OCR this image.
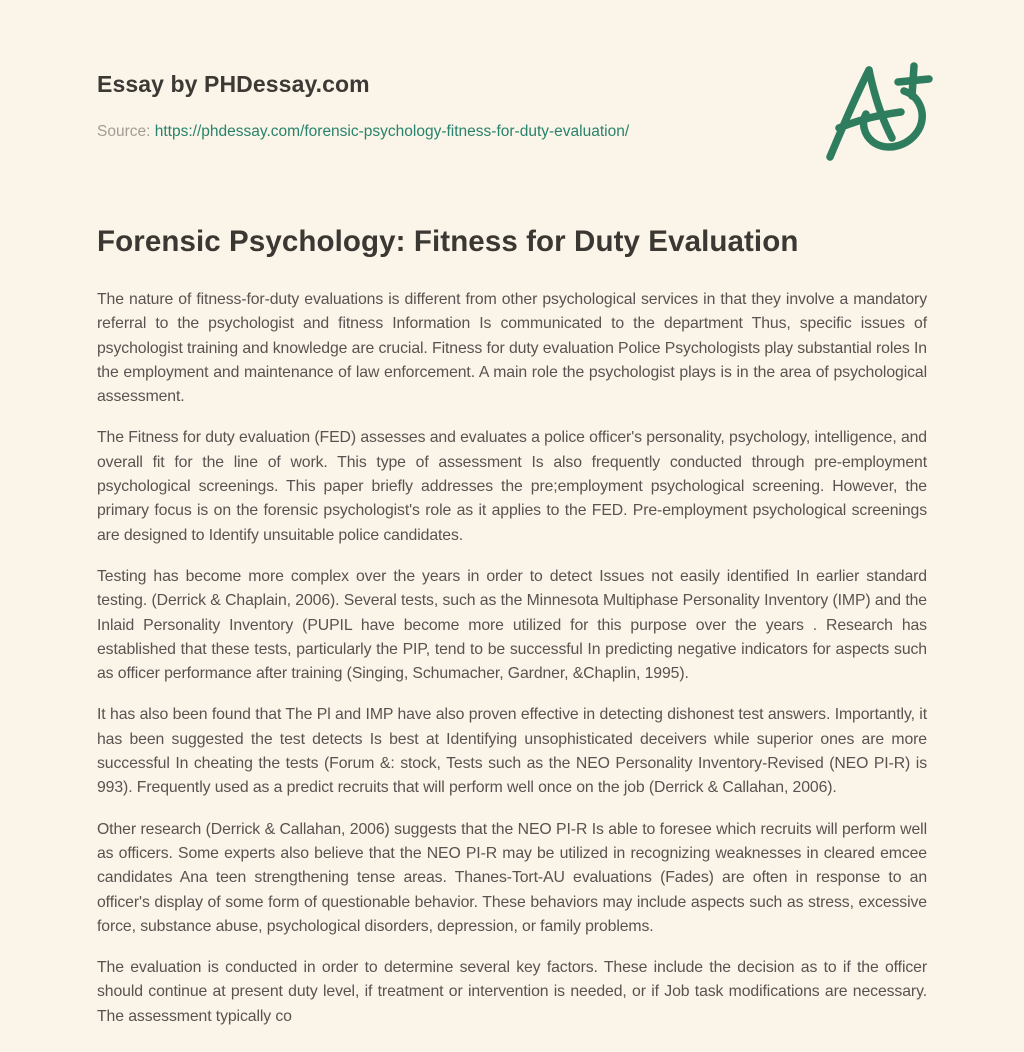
Essay by PHDessay.com

Source: https://phdessay.com/forensic-psychology-fitness-for-duty-evaluation/

Forensic Psychology: Fitness for Duty Evaluation

The nature of fitness-for-duty evaluations is different from other psychological services in that they involve a mandatory referral to the psychologist and fitness Information Is communicated to the department Thus, specific issues of psychologist training and knowledge are crucial. Fitness for duty evaluation Police Psychologists play substantial roles In the employment and maintenance of law enforcement. A main role the psychologist plays is in the area of psychological assessment.

The Fitness for duty evaluation (FED) assesses and evaluates a police officer's personality, psychology, intelligence, and overall fit for the line of work. This type of assessment Is also frequently conducted through pre-employment psychological screenings. This paper briefly addresses the pre;employment psychological screening. However, the primary focus is on the forensic psychologist's role as it applies to the FED. Pre-employment psychological screenings are designed to Identify unsuitable police candidates.

Testing has become more complex over the years in order to detect Issues not easily identified In earlier standard testing. (Derrick & Chaplain, 2006). Several tests, such as the Minnesota Multiphase Personality Inventory (IMP) and the Inlaid Personality Inventory (PUPIL have become more utilized for this purpose over the years . Research has established that these tests, particularly the PIP, tend to be successful In predicting negative indicators for aspects such as officer performance after training (Singing, Schumacher, Gardner, &Chaplin, 1995).

It has also been found that The Pl and IMP have also proven effective in detecting dishonest test answers. Importantly, it has been suggested the test detects Is best at Identifying unsophisticated deceivers while superior ones are more successful In cheating the tests (Forum &: stock, Tests such as the NEO Personality Inventory-Revised (NEO PI-R) is 993). Frequently used as a predict recruits that will perform well once on the job (Derrick & Callahan, 2006).

Other research (Derrick & Callahan, 2006) suggests that the NEO PI-R Is able to foresee which recruits will perform well as officers. Some experts also believe that the NEO PI-R may be utilized in recognizing weaknesses in cleared emcee candidates Ana teen strengthening tense areas. Thanes-Tort-AU evaluations (Fades) are often in response to an officer's display of some form of questionable behavior. These behaviors may include aspects such as stress, excessive force, substance abuse, psychological disorders, depression, or family problems.

The evaluation is conducted in order to determine several key factors. These include the decision as to if the officer should continue at present duty level, if treatment or intervention is needed, or if Job task modifications are necessary. The assessment typically co
